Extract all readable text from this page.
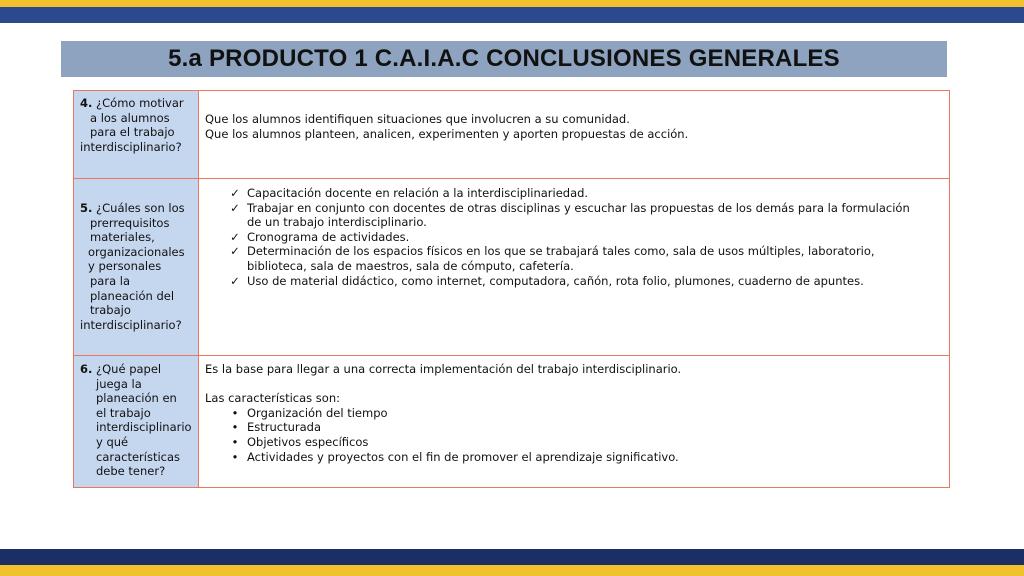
5.a PRODUCTO 1 C.A.I.A.C CONCLUSIONES GENERALES
4. ¿Cómo motivar
a los alumnos
para el trabajo
interdisciplinario?
Que los alumnos identifiquen situaciones que involucren a su comunidad.
Que los alumnos planteen, analicen, experimenten y aporten propuestas de acción.
5. ¿Cuáles son los
prerrequisitos
materiales,
organizacionales
y personales
para la
planeación del
trabajo
interdisciplinario?
✓ Capacitación docente en relación a la interdisciplinariedad.
✓ Trabajar en conjunto con docentes de otras disciplinas y escuchar las propuestas de los demás para la formulación
de un trabajo interdisciplinario.
✓ Cronograma de actividades.
✓ Determinación de los espacios físicos en los que se trabajará tales como, sala de usos múltiples, laboratorio,
biblioteca, sala de maestros, sala de cómputo, cafetería.
✓ Uso de material didáctico, como internet, computadora, cañón, rota folio, plumones, cuaderno de apuntes.
6. ¿Qué papel
juega la
planeación en
el trabajo
interdisciplinario
y qué
características
debe tener?
Es la base para llegar a una correcta implementación del trabajo interdisciplinario.
Las características son:
• Organización del tiempo
• Estructurada
• Objetivos específicos
• Actividades y proyectos con el fin de promover el aprendizaje significativo.
